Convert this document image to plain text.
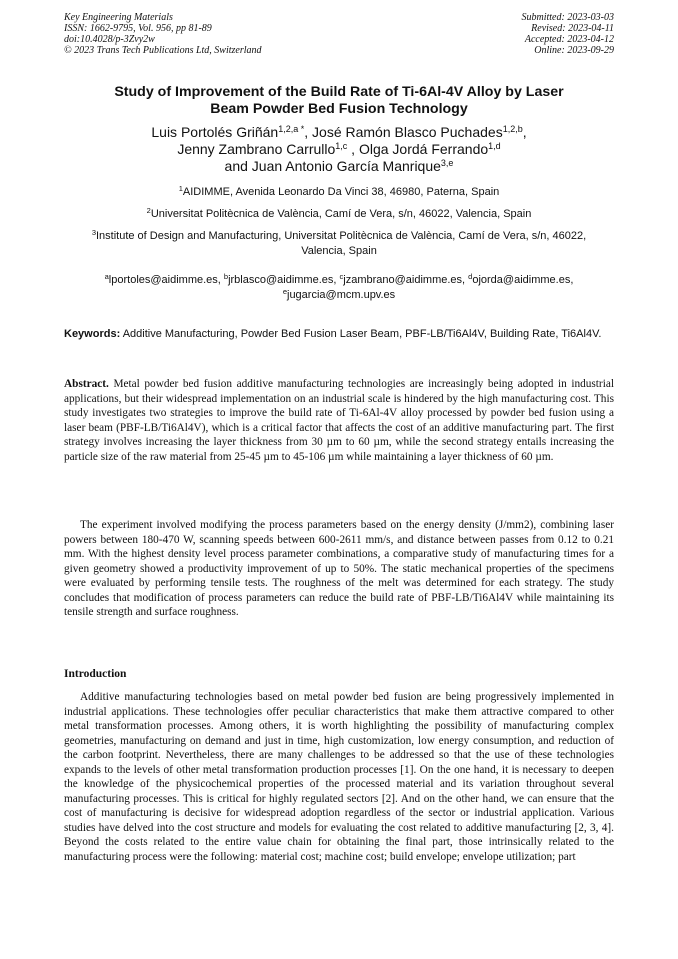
Key Engineering Materials
ISSN: 1662-9795, Vol. 956, pp 81-89
doi:10.4028/p-3Zvy2w
© 2023 Trans Tech Publications Ltd, Switzerland
Submitted: 2023-03-03
Revised: 2023-04-11
Accepted: 2023-04-12
Online: 2023-09-29
Study of Improvement of the Build Rate of Ti-6Al-4V Alloy by Laser
Beam Powder Bed Fusion Technology
Luis Portolés Griñán$^{1,2,a *}$, José Ramón Blasco Puchades$^{1,2,b}$,
Jenny Zambrano Carrullo$^{1,c}$ , Olga Jordá Ferrando$^{1,d}$
and Juan Antonio García Manrique$^{3,e}$
$^1$AIDIMME, Avenida Leonardo Da Vinci 38, 46980, Paterna, Spain
$^2$Universitat Politècnica de València, Camí de Vera, s/n, 46022, Valencia, Spain
$^3$Institute of Design and Manufacturing, Universitat Politècnica de València, Camí de Vera, s/n, 46022, Valencia, Spain
$^a$lportoles@aidimme.es, $^b$jrblasco@aidimme.es, $^c$jzambrano@aidimme.es, $^d$ojorda@aidimme.es,
$^e$jugarcia@mcm.upv.es
Keywords: Additive Manufacturing, Powder Bed Fusion Laser Beam, PBF-LB/Ti6Al4V, Building Rate, Ti6Al4V.
Abstract. Metal powder bed fusion additive manufacturing technologies are increasingly being adopted in industrial applications, but their widespread implementation on an industrial scale is hindered by the high manufacturing cost. This study investigates two strategies to improve the build rate of Ti-6Al-4V alloy processed by powder bed fusion using a laser beam (PBF-LB/Ti6Al4V), which is a critical factor that affects the cost of an additive manufacturing part. The first strategy involves increasing the layer thickness from 30 µm to 60 µm, while the second strategy entails increasing the particle size of the raw material from 25-45 µm to 45-106 µm while maintaining a layer thickness of 60 µm.
The experiment involved modifying the process parameters based on the energy density (J/mm2), combining laser powers between 180-470 W, scanning speeds between 600-2611 mm/s, and distance between passes from 0.12 to 0.21 mm. With the highest density level process parameter combinations, a comparative study of manufacturing times for a given geometry showed a productivity improvement of up to 50%. The static mechanical properties of the specimens were evaluated by performing tensile tests. The roughness of the melt was determined for each strategy. The study concludes that modification of process parameters can reduce the build rate of PBF-LB/Ti6Al4V while maintaining its tensile strength and surface roughness.
Introduction
Additive manufacturing technologies based on metal powder bed fusion are being progressively implemented in industrial applications. These technologies offer peculiar characteristics that make them attractive compared to other metal transformation processes. Among others, it is worth highlighting the possibility of manufacturing complex geometries, manufacturing on demand and just in time, high customization, low energy consumption, and reduction of the carbon footprint. Nevertheless, there are many challenges to be addressed so that the use of these technologies expands to the levels of other metal transformation production processes [1]. On the one hand, it is necessary to deepen the knowledge of the physicochemical properties of the processed material and its variation throughout several manufacturing processes. This is critical for highly regulated sectors [2]. And on the other hand, we can ensure that the cost of manufacturing is decisive for widespread adoption regardless of the sector or industrial application. Various studies have delved into the cost structure and models for evaluating the cost related to additive manufacturing [2, 3, 4]. Beyond the costs related to the entire value chain for obtaining the final part, those intrinsically related to the manufacturing process were the following: material cost; machine cost; build envelope; envelope utilization; part
